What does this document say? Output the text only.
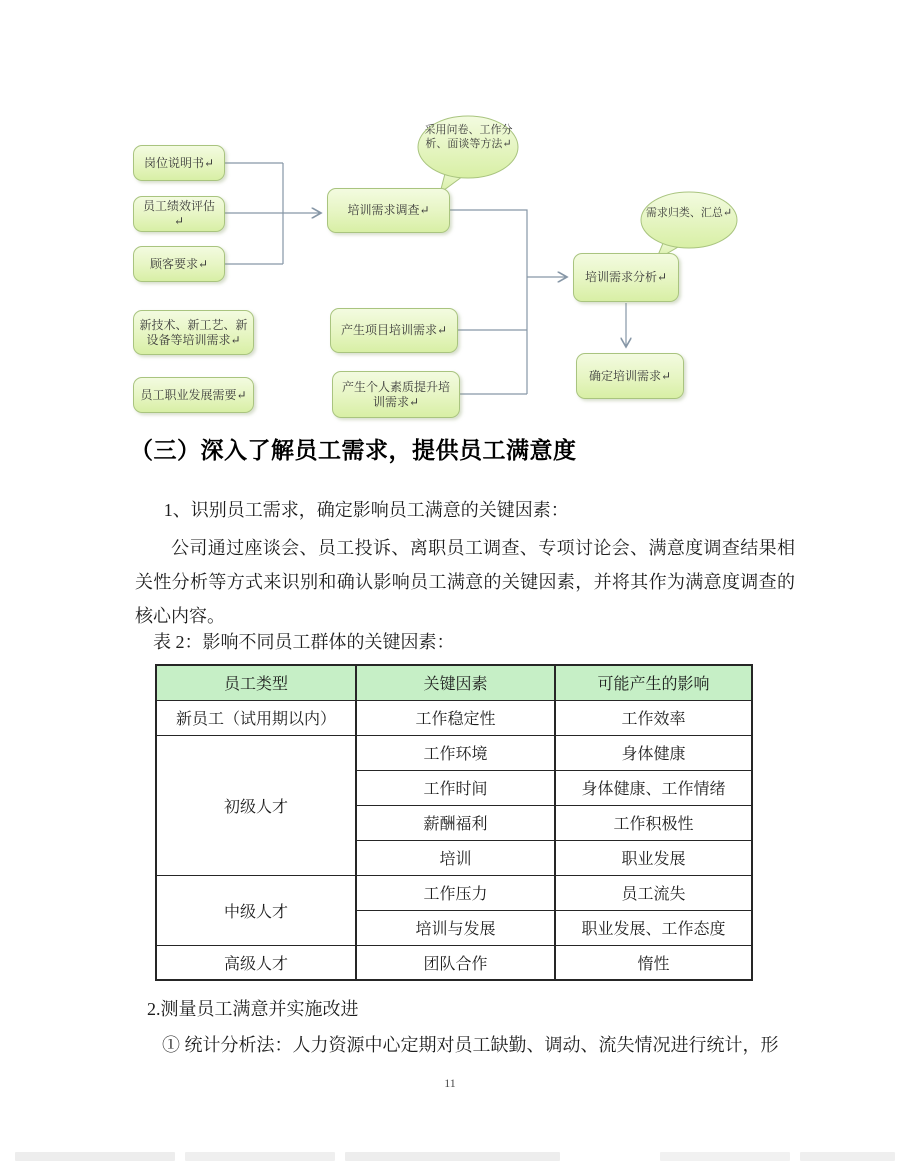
岗位说明书↵
员工绩效评估↵
顾客要求↵
新技术、新工艺、新设备等培训需求↵
员工职业发展需要↵
培训需求调查↵
产生项目培训需求↵
产生个人素质提升培训需求↵
培训需求分析↵
确定培训需求↵
采用问卷、工作分析、面谈等方法↵
需求归类、汇总↵
（三）深入了解员工需求，提供员工满意度
1、识别员工需求，确定影响员工满意的关键因素：
公司通过座谈会、员工投诉、离职员工调查、专项讨论会、满意度调查结果相关性分析等方式来识别和确认影响员工满意的关键因素，并将其作为满意度调查的核心内容。
表 2：影响不同员工群体的关键因素：
员工类型	关键因素	可能产生的影响
新员工（试用期以内）	工作稳定性	工作效率
初级人才	工作环境	身体健康
	工作时间	身体健康、工作情绪
	薪酬福利	工作积极性
	培训	职业发展
中级人才	工作压力	员工流失
	培训与发展	职业发展、工作态度
高级人才	团队合作	惰性
2.测量员工满意并实施改进
① 统计分析法：人力资源中心定期对员工缺勤、调动、流失情况进行统计，形
11
